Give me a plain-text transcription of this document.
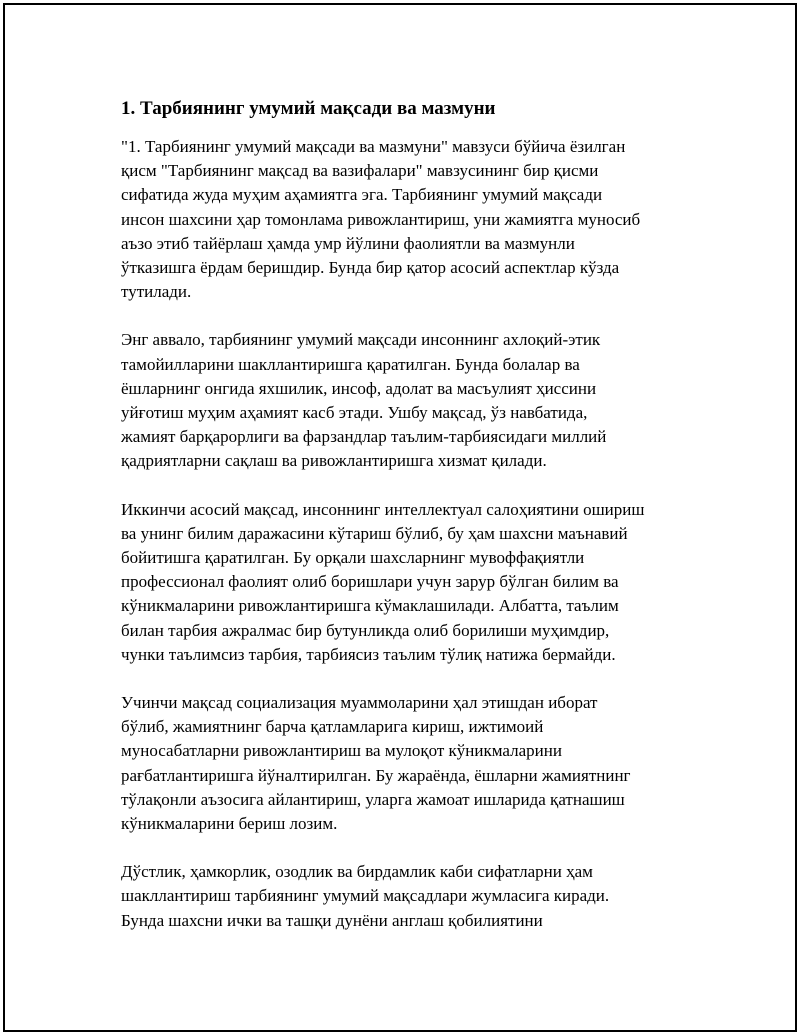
1. Тарбиянинг умумий мақсади ва мазмуни
"1. Тарбиянинг умумий мақсади ва мазмуни" мавзуси бўйича ёзилган
қисм "Тарбиянинг мақсад ва вазифалари" мавзусининг бир қисми
сифатида жуда муҳим аҳамиятга эга. Тарбиянинг умумий мақсади
инсон шахсини ҳар томонлама ривожлантириш, уни жамиятга муносиб
аъзо этиб тайёрлаш ҳамда умр йўлини фаолиятли ва мазмунли
ўтказишга ёрдам беришдир. Бунда бир қатор асосий аспектлар кўзда
тутилади.
Энг аввало, тарбиянинг умумий мақсади инсоннинг ахлоқий-этик
тамойилларини шакллантиришга қаратилган. Бунда болалар ва
ёшларнинг онгида яхшилик, инсоф, адолат ва масъулият ҳиссини
уйғотиш муҳим аҳамият касб этади. Ушбу мақсад, ўз навбатида,
жамият барқарорлиги ва фарзандлар таълим-тарбиясидаги миллий
қадриятларни сақлаш ва ривожлантиришга хизмат қилади.
Иккинчи асосий мақсад, инсоннинг интеллектуал салоҳиятини ошириш
ва унинг билим даражасини кўтариш бўлиб, бу ҳам шахсни маънавий
бойитишга қаратилган. Бу орқали шахсларнинг мувоффақиятли
профессионал фаолият олиб боришлари учун зарур бўлган билим ва
кўникмаларини ривожлантиришга кўмаклашилади. Албатта, таълим
билан тарбия ажралмас бир бутунликда олиб борилиши муҳимдир,
чунки таълимсиз тарбия, тарбиясиз таълим тўлиқ натижа бермайди.
Учинчи мақсад социализация муаммоларини ҳал этишдан иборат
бўлиб, жамиятнинг барча қатламларига кириш, ижтимоий
муносабатларни ривожлантириш ва мулоқот кўникмаларини
рағбатлантиришга йўналтирилган. Бу жараёнда, ёшларни жамиятнинг
тўлақонли аъзосига айлантириш, уларга жамоат ишларида қатнашиш
кўникмаларини бериш лозим.
Дўстлик, ҳамкорлик, озодлик ва бирдамлик каби сифатларни ҳам
шакллантириш тарбиянинг умумий мақсадлари жумласига киради.
Бунда шахсни ички ва ташқи дунёни англаш қобилиятини
